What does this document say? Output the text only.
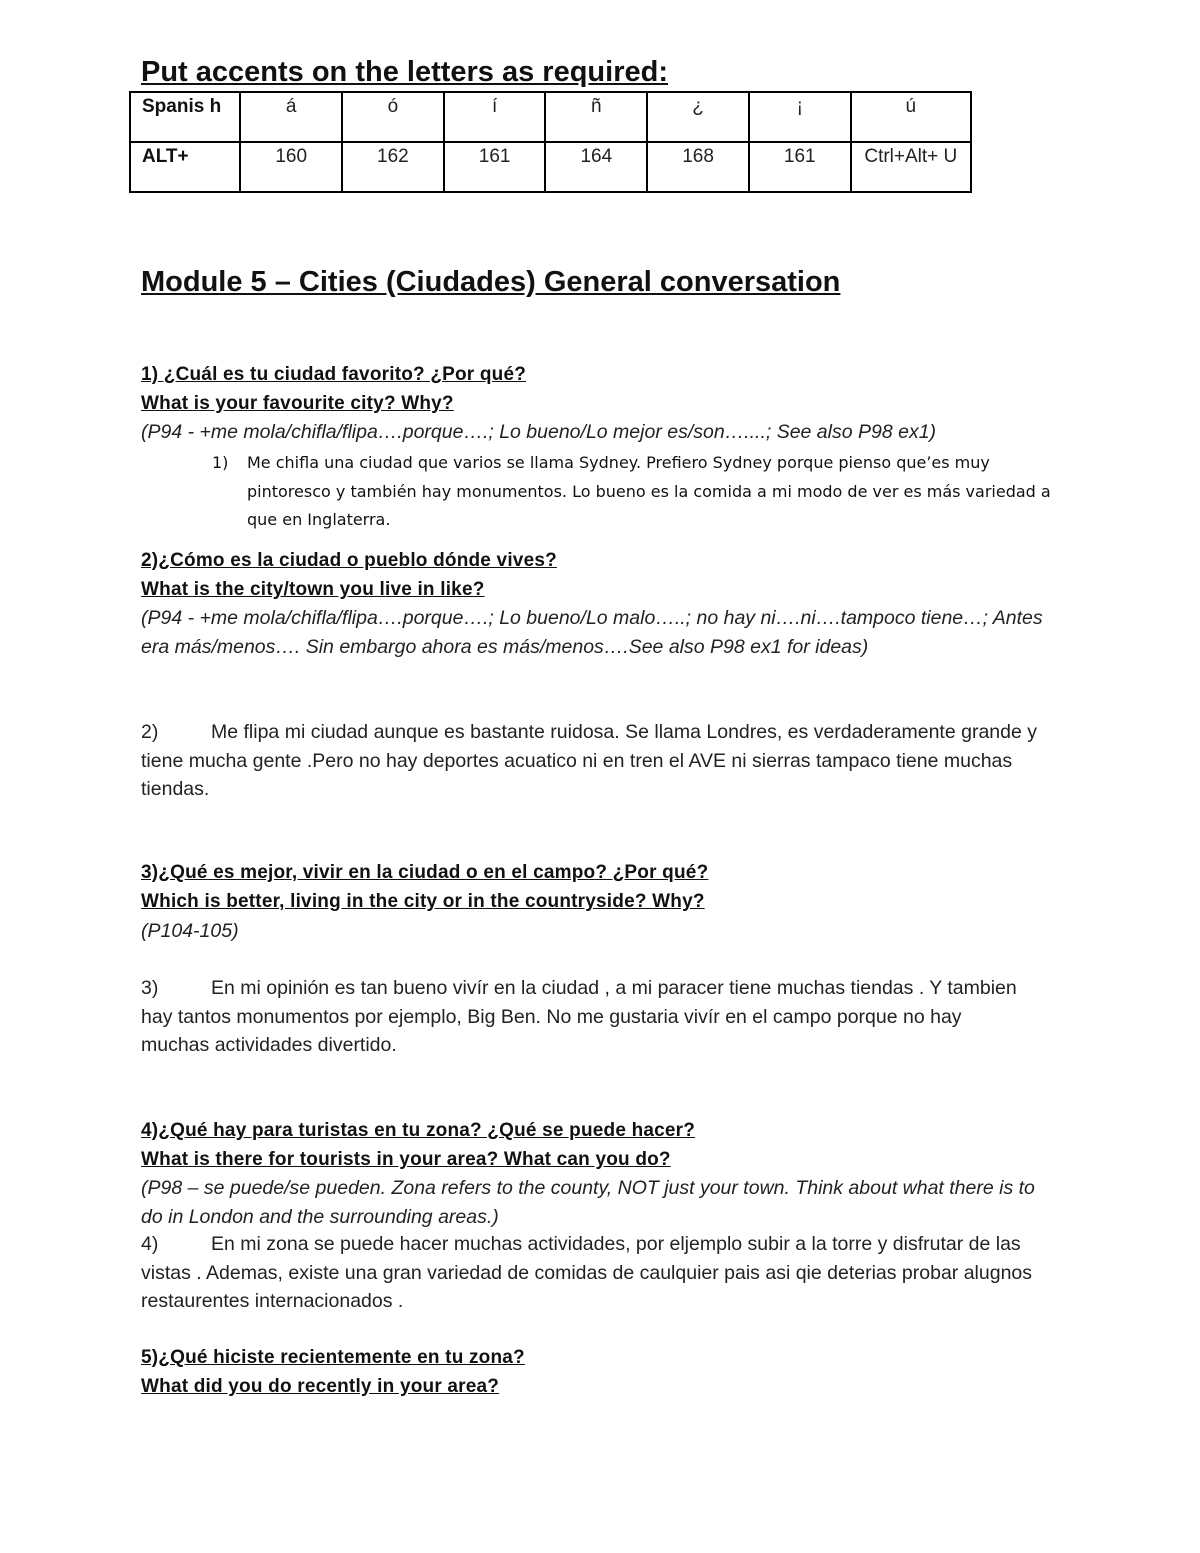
Put accents on the letters as required:
Spanis h	á	ó	í	ñ	¿	¡	ú
ALT+	160	162	161	164	168	161	Ctrl+Alt+ U
Module 5 – Cities (Ciudades) General conversation
1) ¿Cuál es tu ciudad favorito? ¿Por qué?
What is your favourite city? Why?
(P94 - +me mola/chifla/flipa….porque….; Lo bueno/Lo mejor es/son…....; See also P98 ex1)
1) Me chifla una ciudad que varios se llama Sydney. Prefiero Sydney porque pienso que’es muy pintoresco y también hay monumentos. Lo bueno es la comida a mi modo de ver es más variedad a que en Inglaterra.
2)¿Cómo es la ciudad o pueblo dónde vives?
What is the city/town you live in like?
(P94 - +me mola/chifla/flipa….porque….; Lo bueno/Lo malo…..; no hay ni….ni….tampoco tiene…; Antes era más/menos…. Sin embargo ahora es más/menos….See also P98 ex1 for ideas)
2)	Me flipa mi ciudad aunque es bastante ruidosa. Se llama Londres, es verdaderamente grande y tiene mucha gente .Pero no hay deportes acuatico ni en tren el AVE ni sierras tampaco tiene muchas tiendas.
3)¿Qué es mejor, vivir en la ciudad o en el campo? ¿Por qué?
Which is better, living in the city or in the countryside? Why?
(P104-105)
3)	En mi opinión es tan bueno vivír en la ciudad , a mi paracer tiene muchas tiendas . Y tambien hay tantos monumentos por ejemplo, Big Ben. No me gustaria vivír en el campo porque no hay muchas actividades divertido.
4)¿Qué hay para turistas en tu zona? ¿Qué se puede hacer?
What is there for tourists in your area? What can you do?
(P98 – se puede/se pueden. Zona refers to the county, NOT just your town. Think about what there is to do in London and the surrounding areas.)
4)	En mi zona se puede hacer muchas actividades, por eljemplo subir a la torre y disfrutar de las vistas . Ademas, existe una gran variedad de comidas de caulquier pais asi qie deterias probar alugnos restaurentes internacionados .
5)¿Qué hiciste recientemente en tu zona?
What did you do recently in your area?
